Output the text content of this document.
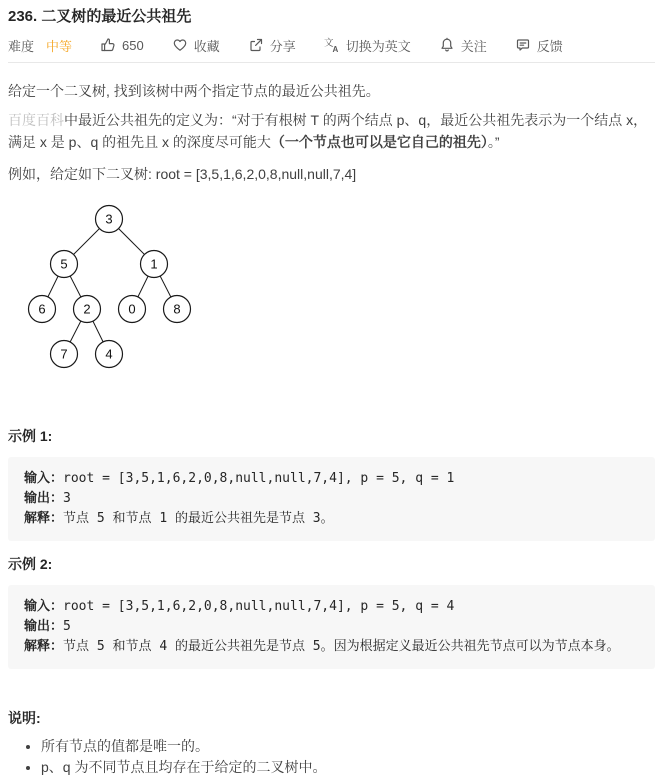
236. 二叉树的最近公共祖先
难度 中等	650	收藏	分享	文
A 切换为英文	关注	反馈

给定一个二叉树, 找到该树中两个指定节点的最近公共祖先。

百度百科中最近公共祖先的定义为：“对于有根树 T 的两个结点 p、q，最近公共祖先表示为一个结点 x，满足 x 是 p、q 的祖先且 x 的深度尽可能大（一个节点也可以是它自己的祖先）。”

例如，给定如下二叉树: root = [3,5,1,6,2,0,8,null,null,7,4]

3
5	1
6	2	0	8
7	4
示例 1:
输入：root = [3,5,1,6,2,0,8,null,null,7,4], p = 5, q = 1
输出：3
解释：节点 5 和节点 1 的最近公共祖先是节点 3。
示例 2:
输入：root = [3,5,1,6,2,0,8,null,null,7,4], p = 5, q = 4
输出：5
解释：节点 5 和节点 4 的最近公共祖先是节点 5。因为根据定义最近公共祖先节点可以为节点本身。
说明:
• 所有节点的值都是唯一的。
• p、q 为不同节点且均存在于给定的二叉树中。
